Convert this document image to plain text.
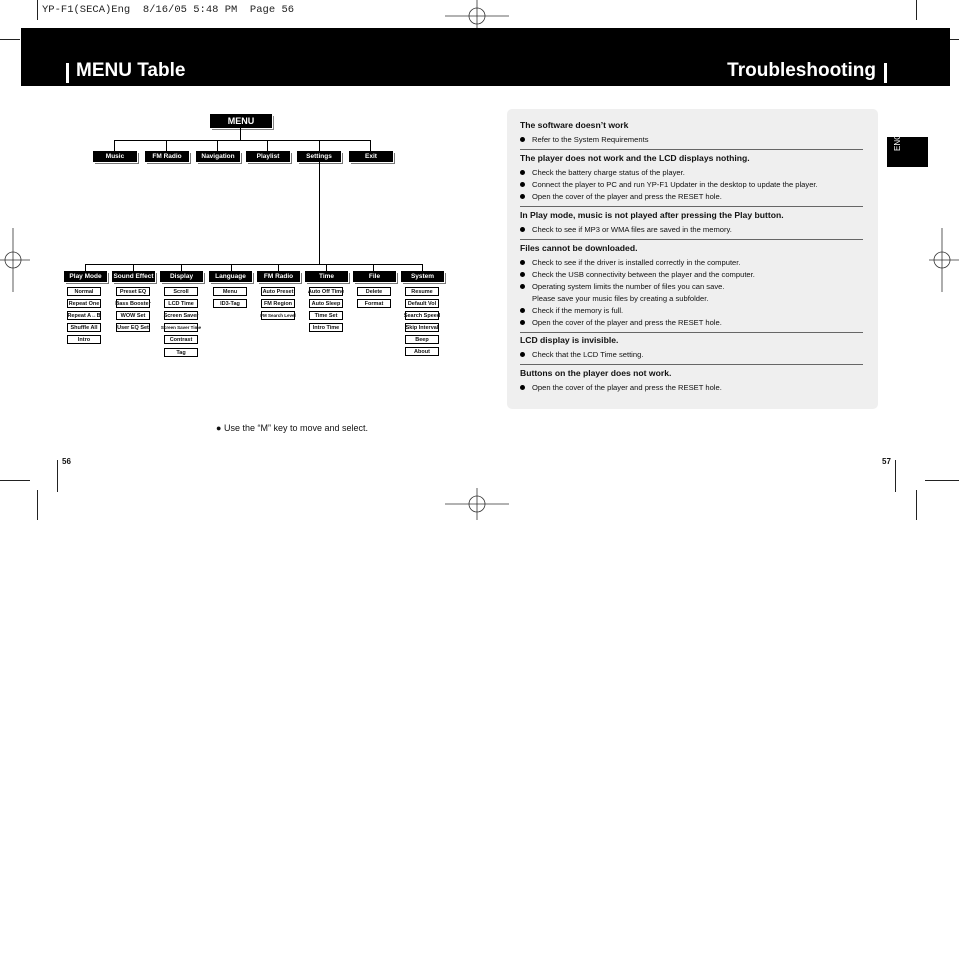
YP-F1(SECA)Eng  8/16/05 5:48 PM  Page 56
MENU Table	Troubleshooting
MENU
Music	FM Radio	Navigation	Playlist	Settings	Exit
Play Mode
Normal
Repeat One
Repeat A↔B
Shuffle All
Intro
Sound Effect
Preset EQ
Bass Booster
WOW Set
User EQ Set
Display
Scroll
LCD Time
Screen Saver
Screen Saver Time
Contrast
Tag
Language
Menu
ID3-Tag
FM Radio
Auto Preset
FM Region
FM Search Level
Time
Auto Off Time
Auto Sleep
Time Set
Intro Time
File
Delete
Format
System
Resume
Default Vol
Search Speed
Skip Interval
Beep
About
● Use the “M” key to move and select.
The software doesn’t work
Refer to the System Requirements
The player does not work and the LCD displays nothing.
Check the battery charge status of the player.
Connect the player to PC and run YP-F1 Updater in the desktop to update the player.
Open the cover of the player and press the RESET hole.
In Play mode, music is not played after pressing the Play button.
Check to see if MP3 or WMA files are saved in the memory.
Files cannot be downloaded.
Check to see if the driver is installed correctly in the computer.
Check the USB connectivity between the player and the computer.
Operating system limits the number of files you can save.
Please save your music files by creating a subfolder.
Check if the memory is full.
Open the cover of the player and press the RESET hole.
LCD display is invisible.
Check that the LCD Time setting.
Buttons on the player does not work.
Open the cover of the player and press the RESET hole.
ENG
56	57
